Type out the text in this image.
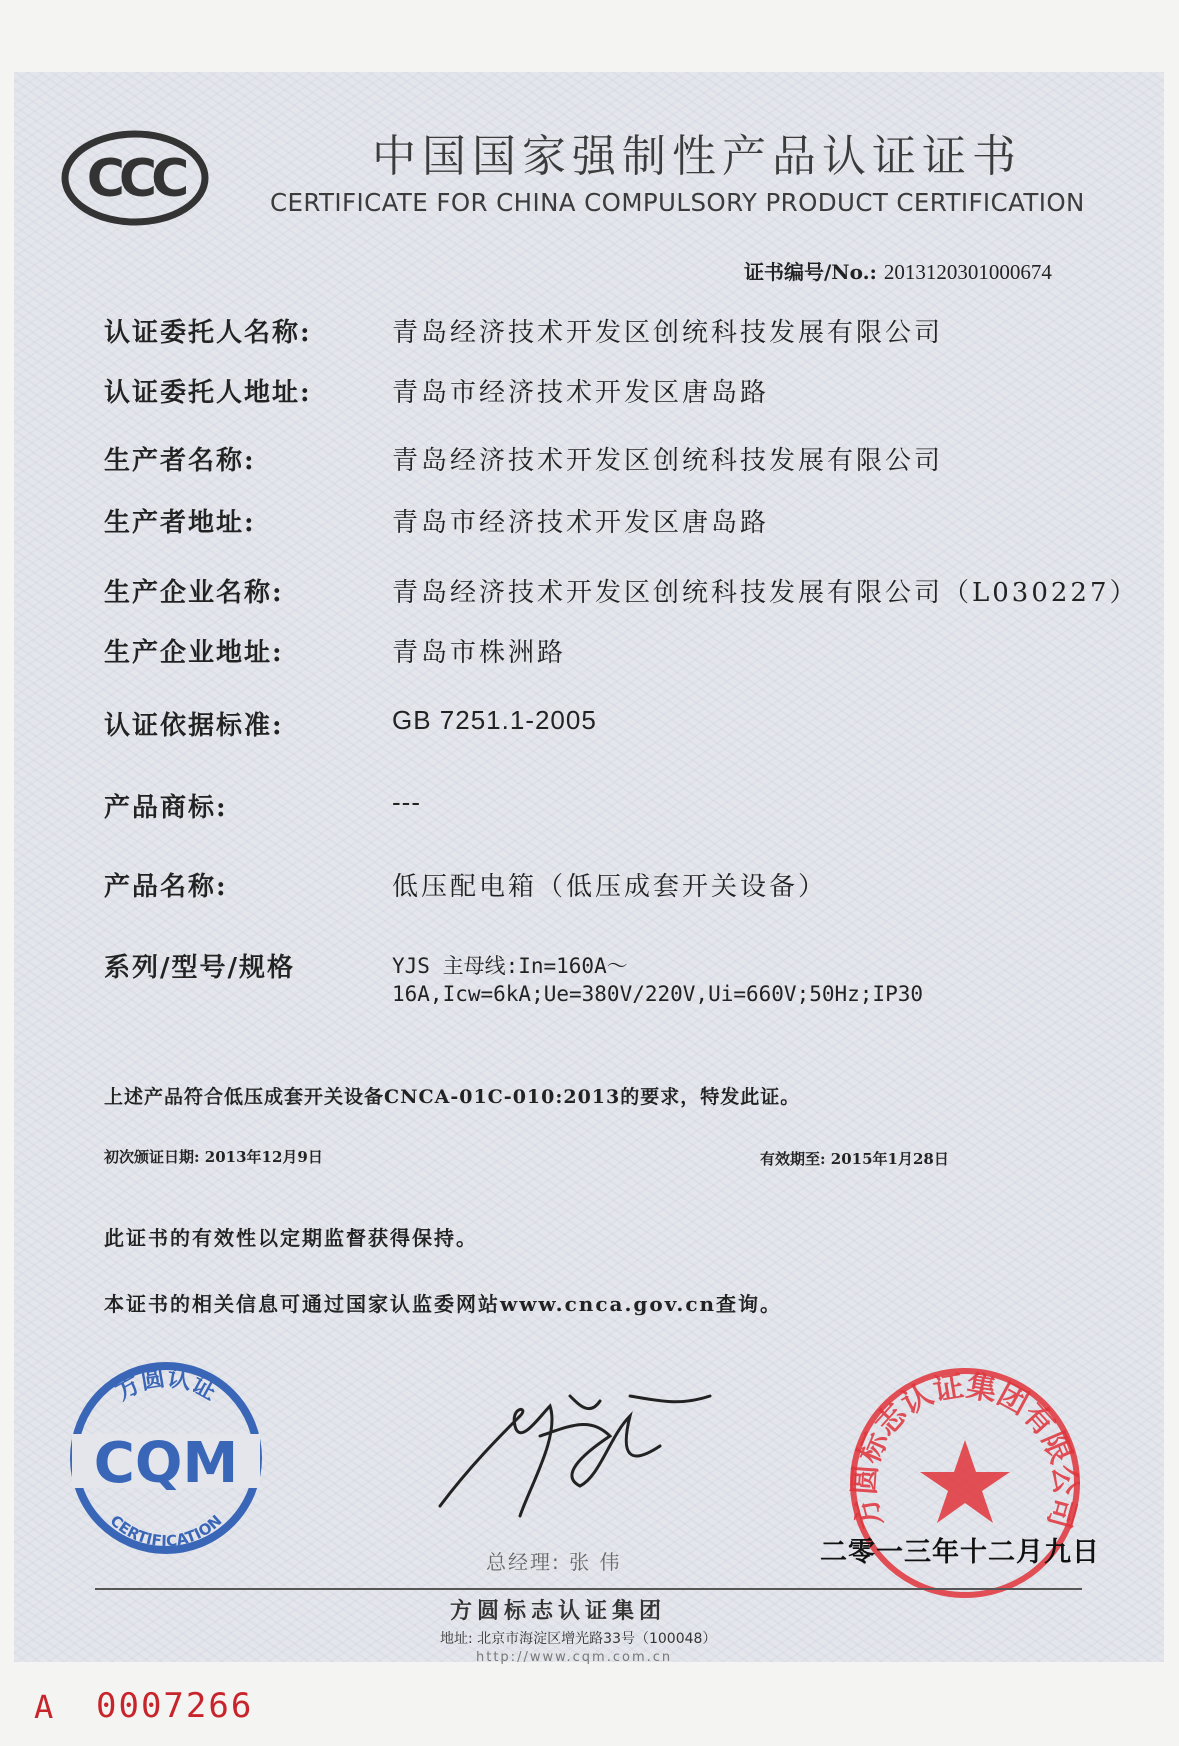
CCC	中国国家强制性产品认证证书
CERTIFICATE FOR CHINA COMPULSORY PRODUCT CERTIFICATION
证书编号/No.: 2013120301000674
认证委托人名称:	青岛经济技术开发区创统科技发展有限公司
认证委托人地址:	青岛市经济技术开发区唐岛路
生产者名称:	青岛经济技术开发区创统科技发展有限公司
生产者地址:	青岛市经济技术开发区唐岛路
生产企业名称:	青岛经济技术开发区创统科技发展有限公司（L030227）
生产企业地址:	青岛市株洲路
认证依据标准:	GB 7251.1-2005
产品商标:	---
产品名称:	低压配电箱（低压成套开关设备）
系列/型号/规格	YJS 主母线:In=160A～
16A,Icw=6kA;Ue=380V/220V,Ui=660V;50Hz;IP30
上述产品符合低压成套开关设备CNCA-01C-010:2013的要求，特发此证。
初次颁证日期: 2013年12月9日	有效期至: 2015年1月28日
此证书的有效性以定期监督获得保持。
本证书的相关信息可通过国家认监委网站www.cnca.gov.cn查询。
方圆认证
CQM
CERTIFICATION
总经理: 张 伟
方圆标志认证集团有限公司
二零一三年十二月九日
方圆标志认证集团
地址: 北京市海淀区增光路33号（100048）
http://www.cqm.com.cn
A 0007266
